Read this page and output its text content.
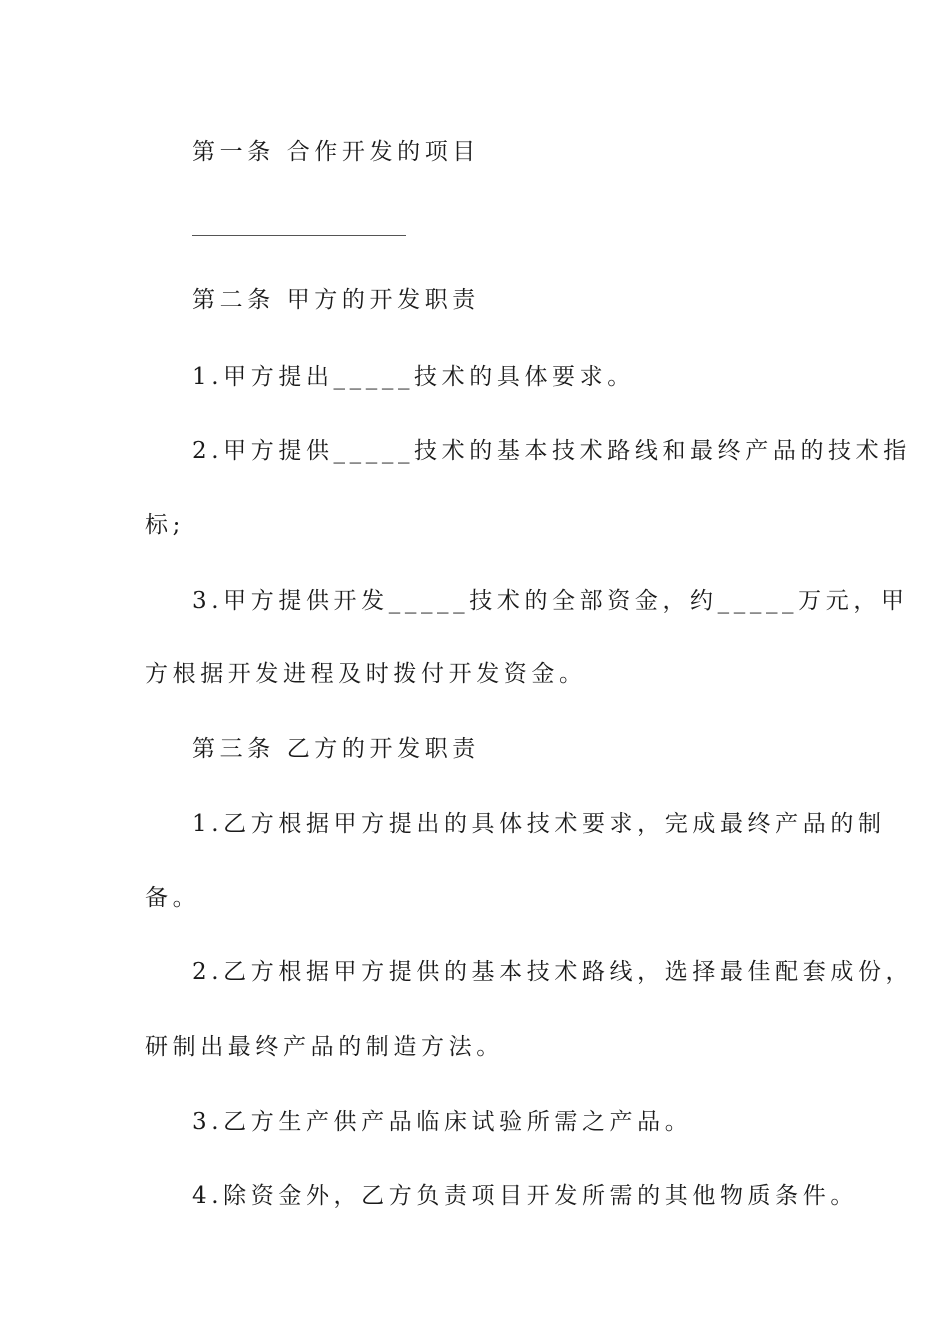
第一条 合作开发的项目
第二条 甲方的开发职责
1.甲方提出_____技术的具体要求。
2.甲方提供_____技术的基本技术路线和最终产品的技术指
标;
3.甲方提供开发_____技术的全部资金，约_____万元，甲
方根据开发进程及时拨付开发资金。
第三条 乙方的开发职责
1.乙方根据甲方提出的具体技术要求，完成最终产品的制
备。
2.乙方根据甲方提供的基本技术路线，选择最佳配套成份，
研制出最终产品的制造方法。
3.乙方生产供产品临床试验所需之产品。
4.除资金外，乙方负责项目开发所需的其他物质条件。
